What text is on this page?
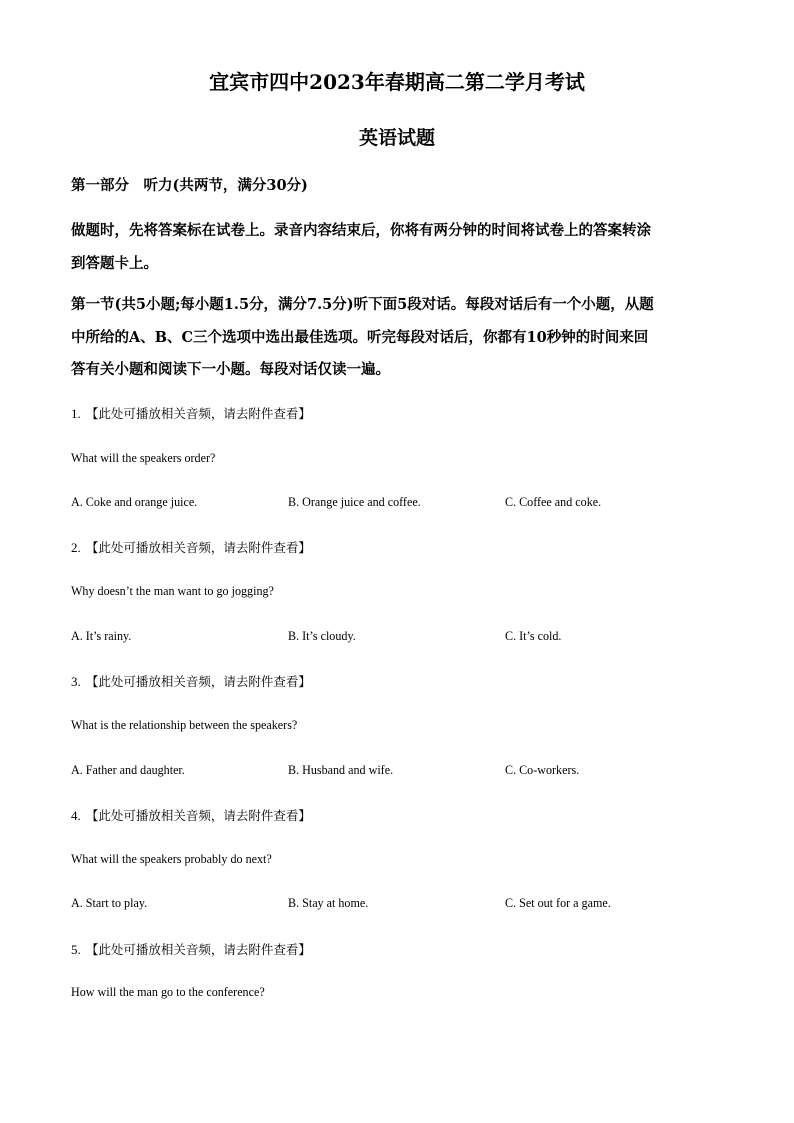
宜宾市四中2023年春期高二第二学月考试
英语试题
第一部分　听力(共两节，满分30分)
做题时，先将答案标在试卷上。录音内容结束后，你将有两分钟的时间将试卷上的答案转涂
到答题卡上。
第一节(共5小题;每小题1.5分，满分7.5分)听下面5段对话。每段对话后有一个小题，从题
中所给的A、B、C三个选项中选出最佳选项。听完每段对话后，你都有10秒钟的时间来回
答有关小题和阅读下一小题。每段对话仅读一遍。
1. 【此处可播放相关音频，请去附件查看】
What will the speakers order?
A. Coke and orange juice.	B. Orange juice and coffee.	C. Coffee and coke.
2. 【此处可播放相关音频，请去附件查看】
Why doesn’t the man want to go jogging?
A. It’s rainy.	B. It’s cloudy.	C. It’s cold.
3. 【此处可播放相关音频，请去附件查看】
What is the relationship between the speakers?
A. Father and daughter.	B. Husband and wife.	C. Co-workers.
4. 【此处可播放相关音频，请去附件查看】
What will the speakers probably do next?
A. Start to play.	B. Stay at home.	C. Set out for a game.
5. 【此处可播放相关音频，请去附件查看】
How will the man go to the conference?
